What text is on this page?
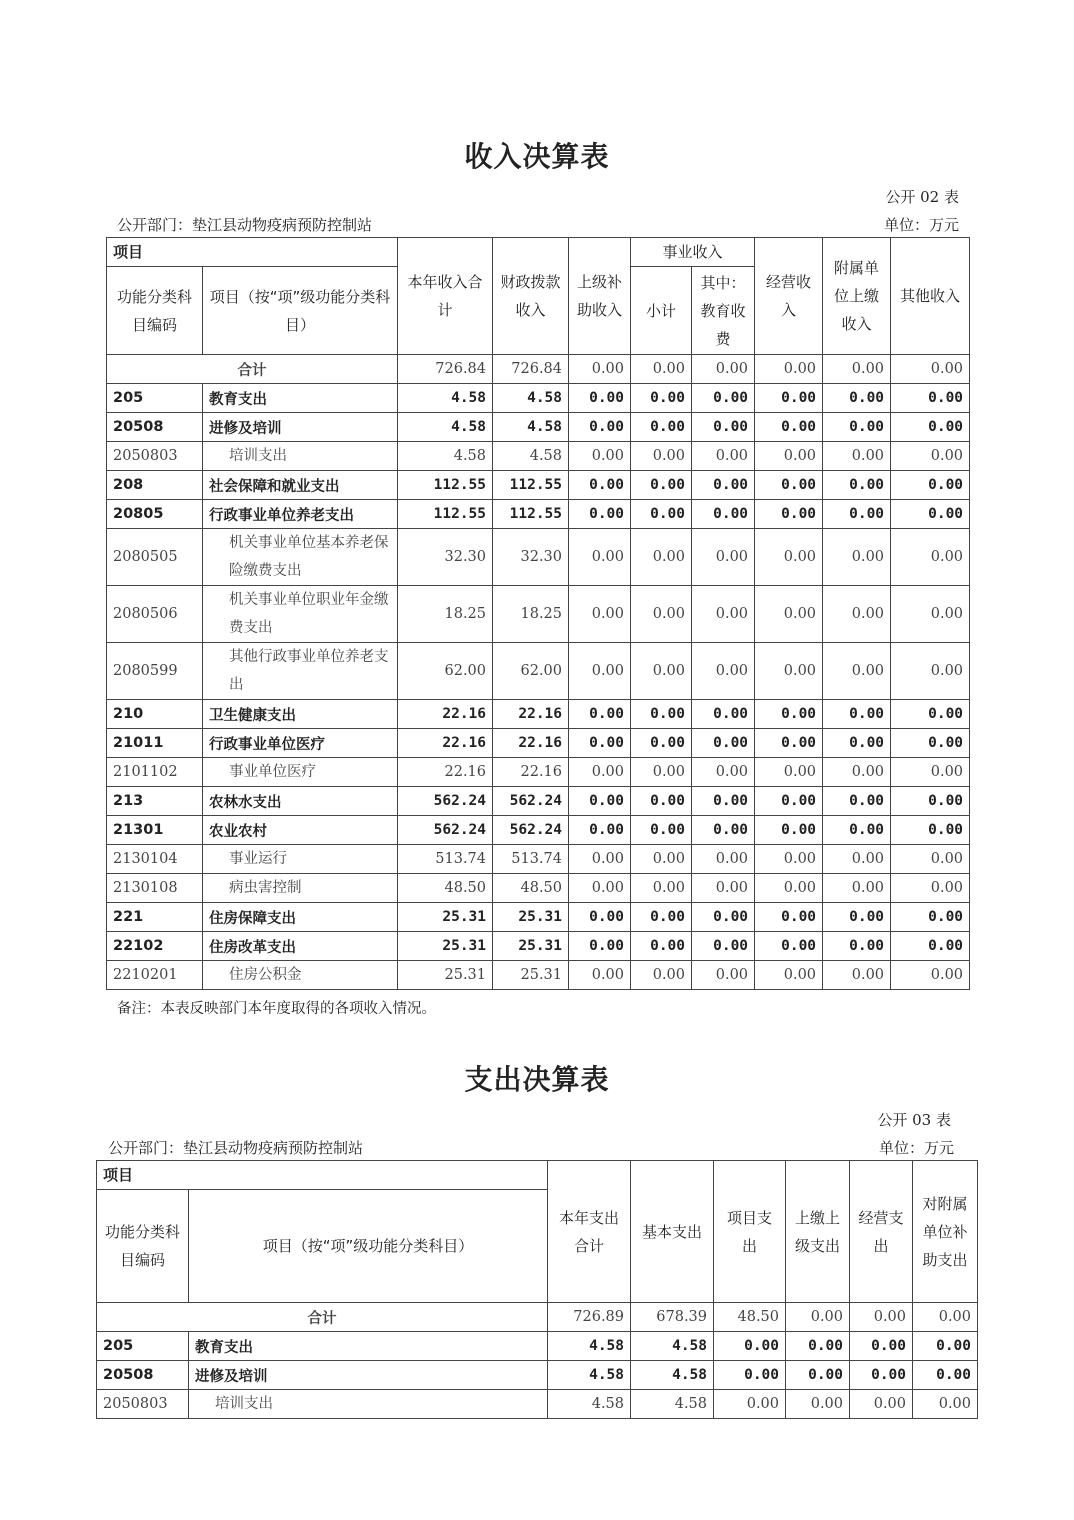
收入决算表
公开 02 表
公开部门：垫江县动物疫病预防控制站	单位：万元
项目		本年收入合计	财政拨款收入	上级补助收入	事业收入		经营收入	附属单位上缴收入	其他收入
功能分类科目编码	项目（按“项”级功能分类科目）				小计	其中：教育收费			
合计		726.84	726.84	0.00	0.00	0.00	0.00	0.00	0.00
205	教育支出	4.58	4.58	0.00	0.00	0.00	0.00	0.00	0.00
20508	进修及培训	4.58	4.58	0.00	0.00	0.00	0.00	0.00	0.00
2050803	培训支出	4.58	4.58	0.00	0.00	0.00	0.00	0.00	0.00
208	社会保障和就业支出	112.55	112.55	0.00	0.00	0.00	0.00	0.00	0.00
20805	行政事业单位养老支出	112.55	112.55	0.00	0.00	0.00	0.00	0.00	0.00
2080505	机关事业单位基本养老保险缴费支出	32.30	32.30	0.00	0.00	0.00	0.00	0.00	0.00
2080506	机关事业单位职业年金缴费支出	18.25	18.25	0.00	0.00	0.00	0.00	0.00	0.00
2080599	其他行政事业单位养老支出	62.00	62.00	0.00	0.00	0.00	0.00	0.00	0.00
210	卫生健康支出	22.16	22.16	0.00	0.00	0.00	0.00	0.00	0.00
21011	行政事业单位医疗	22.16	22.16	0.00	0.00	0.00	0.00	0.00	0.00
2101102	事业单位医疗	22.16	22.16	0.00	0.00	0.00	0.00	0.00	0.00
213	农林水支出	562.24	562.24	0.00	0.00	0.00	0.00	0.00	0.00
21301	农业农村	562.24	562.24	0.00	0.00	0.00	0.00	0.00	0.00
2130104	事业运行	513.74	513.74	0.00	0.00	0.00	0.00	0.00	0.00
2130108	病虫害控制	48.50	48.50	0.00	0.00	0.00	0.00	0.00	0.00
221	住房保障支出	25.31	25.31	0.00	0.00	0.00	0.00	0.00	0.00
22102	住房改革支出	25.31	25.31	0.00	0.00	0.00	0.00	0.00	0.00
2210201	住房公积金	25.31	25.31	0.00	0.00	0.00	0.00	0.00	0.00
备注：本表反映部门本年度取得的各项收入情况。
支出决算表
公开 03 表
公开部门：垫江县动物疫病预防控制站	单位：万元
项目		本年支出合计	基本支出	项目支出	上缴上级支出	经营支出	对附属单位补助支出
功能分类科目编码	项目（按“项”级功能分类科目）						
合计		726.89	678.39	48.50	0.00	0.00	0.00
205	教育支出	4.58	4.58	0.00	0.00	0.00	0.00
20508	进修及培训	4.58	4.58	0.00	0.00	0.00	0.00
2050803	培训支出	4.58	4.58	0.00	0.00	0.00	0.00
